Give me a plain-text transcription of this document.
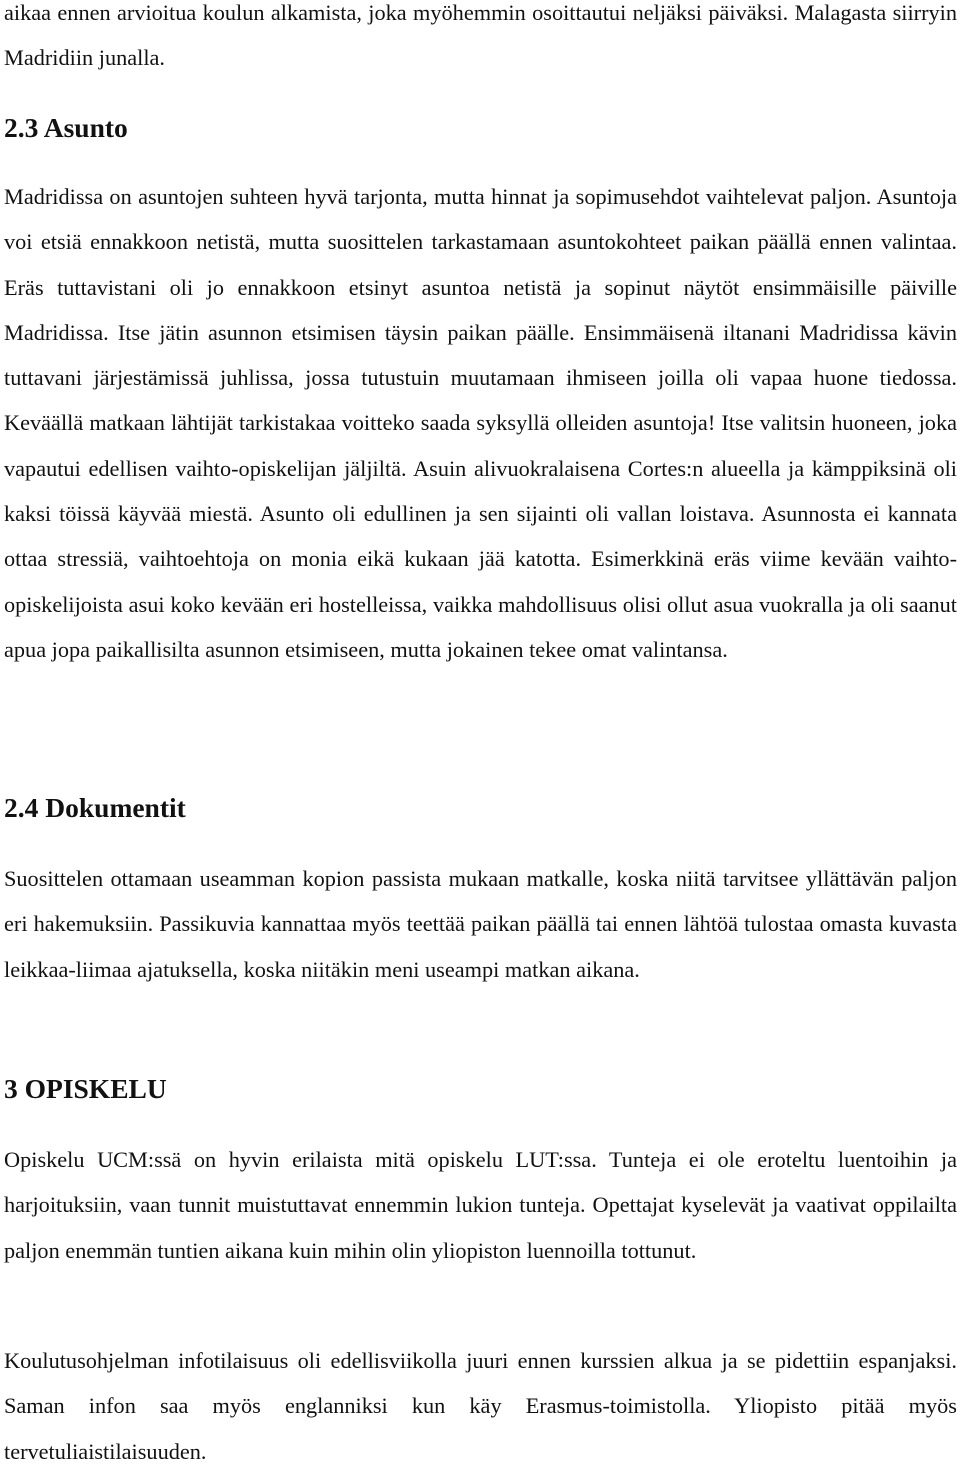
aikaa ennen arvioitua koulun alkamista, joka myöhemmin osoittautui neljäksi päiväksi. Malagasta siirryin Madridiin junalla.

2.3 Asunto

Madridissa on asuntojen suhteen hyvä tarjonta, mutta hinnat ja sopimusehdot vaihtelevat paljon. Asuntoja voi etsiä ennakkoon netistä, mutta suosittelen tarkastamaan asuntokohteet paikan päällä ennen valintaa. Eräs tuttavistani oli jo ennakkoon etsinyt asuntoa netistä ja sopinut näytöt ensimmäisille päiville Madridissa. Itse jätin asunnon etsimisen täysin paikan päälle. Ensimmäisenä iltanani Madridissa kävin tuttavani järjestämissä juhlissa, jossa tutustuin muutamaan ihmiseen joilla oli vapaa huone tiedossa. Keväällä matkaan lähtijät tarkistakaa voitteko saada syksyllä olleiden asuntoja! Itse valitsin huoneen, joka vapautui edellisen vaihto-opiskelijan jäljiltä. Asuin alivuokralaisena Cortes:n alueella ja kämppiksinä oli kaksi töissä käyvää miestä. Asunto oli edullinen ja sen sijainti oli vallan loistava. Asunnosta ei kannata ottaa stressiä, vaihtoehtoja on monia eikä kukaan jää katotta. Esimerkkinä eräs viime kevään vaihto-opiskelijoista asui koko kevään eri hostelleissa, vaikka mahdollisuus olisi ollut asua vuokralla ja oli saanut apua jopa paikallisilta asunnon etsimiseen, mutta jokainen tekee omat valintansa.

2.4 Dokumentit

Suosittelen ottamaan useamman kopion passista mukaan matkalle, koska niitä tarvitsee yllättävän paljon eri hakemuksiin. Passikuvia kannattaa myös teettää paikan päällä tai ennen lähtöä tulostaa omasta kuvasta leikkaa-liimaa ajatuksella, koska niitäkin meni useampi matkan aikana.

3 OPISKELU

Opiskelu UCM:ssä on hyvin erilaista mitä opiskelu LUT:ssa. Tunteja ei ole eroteltu luentoihin ja harjoituksiin, vaan tunnit muistuttavat ennemmin lukion tunteja. Opettajat kyselevät ja vaativat oppilailta paljon enemmän tuntien aikana kuin mihin olin yliopiston luennoilla tottunut.

Koulutusohjelman infotilaisuus oli edellisviikolla juuri ennen kurssien alkua ja se pidettiin espanjaksi. Saman infon saa myös englanniksi kun käy Erasmus-toimistolla. Yliopisto pitää myös tervetuliaistilaisuuden.
